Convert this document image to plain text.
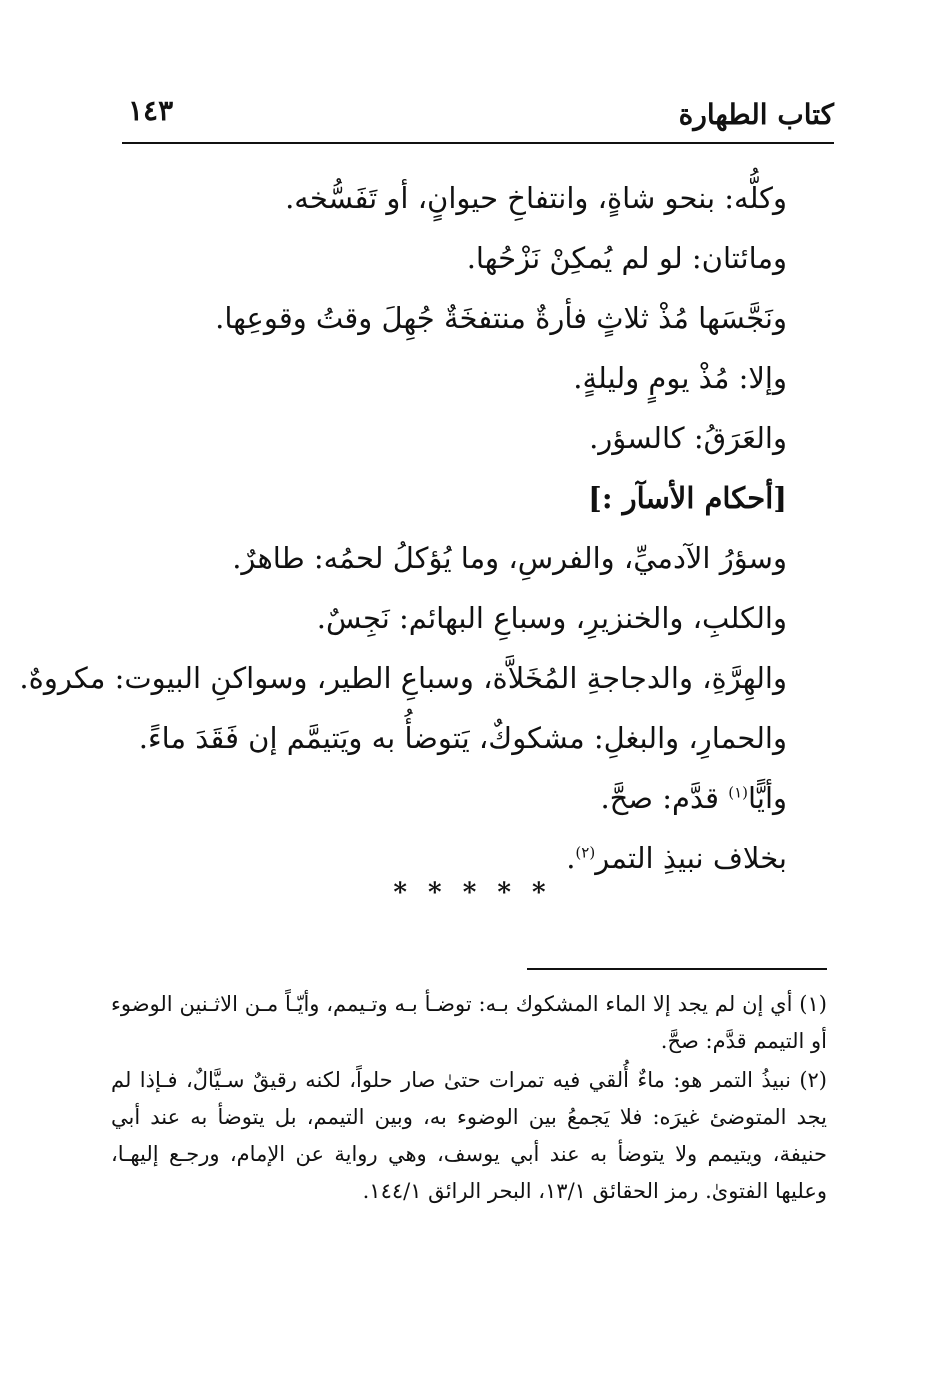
كتاب الطهارة
١٤٣
وكلُّه: بنحو شاةٍ، وانتفاخِ حيوانٍ، أو تَفَسُّخه.
ومائتان: لو لم يُمكِنْ نَزْحُها.
ونَجَّسَها مُذْ ثلاثٍ فأرةٌ منتفخَةٌ جُهِلَ وقتُ وقوعِها.
وإلا: مُذْ يومٍ وليلةٍ.
والعَرَقُ: كالسؤر.
[أحكام الأسآر :]
وسؤرُ الآدميِّ، والفرسِ، وما يُؤكلُ لحمُه: طاهرٌ.
والكلبِ، والخنزيرِ، وسباعِ البهائم: نَجِسٌ.
والهِرَّةِ، والدجاجةِ المُخَلاَّة، وسباعِ الطير، وسواكنِ البيوت: مكروهٌ.
والحمارِ، والبغلِ: مشكوكٌ، يَتوضأُ به ويَتيمَّم إن فَقَدَ ماءً.
وأيًّا$^{(١)}$ قدَّم: صحَّ.
بخلاف نبيذِ التمر$^{(٢)}$.
* * * * *

(١) أي إن لم يجد إلا الماء المشكوك بـه: توضـأ بـه وتـيمم، وأيّـاً مـن الاثـنين الوضوء أو التيمم قدَّم: صحَّ.

(٢) نبيذُ التمر هو: ماءٌ أُلقي فيه تمرات حتىٰ صار حلواً، لكنه رقيقٌ سـيَّالٌ، فـإذا لم يجد المتوضئ غيرَه: فلا يَجمعُ بين الوضوء به، وبين التيمم، بل يتوضأ به عند أبي حنيفة، ويتيمم ولا يتوضأ به عند أبي يوسف، وهي رواية عن الإمام، ورجـع إليهـا، وعليها الفتوىٰ. رمز الحقائق ١٣/١، البحر الرائق ١٤٤/١.
